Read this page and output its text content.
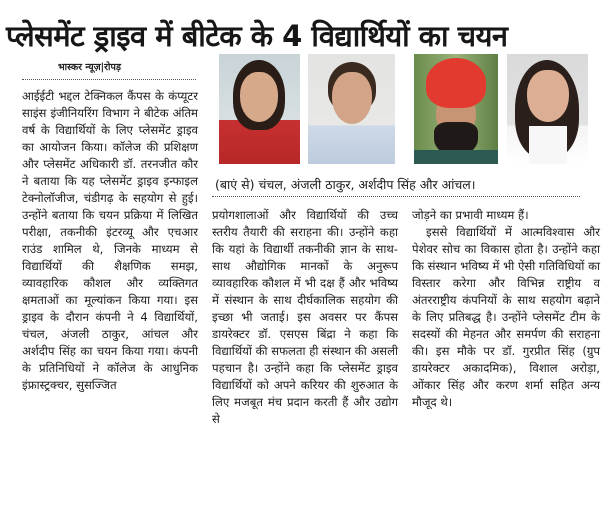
प्लेसमेंट ड्राइव में बीटेक के 4 विद्यार्थियों का चयन
भास्कर न्यूज़|रोपड़

आईईटी भद्दल टेक्निकल कैंपस के कंप्यूटर साइंस इंजीनियरिंग विभाग ने बीटेक अंतिम वर्ष के विद्यार्थियों के लिए प्लेसमेंट ड्राइव का आयोजन किया। कॉलेज की प्रशिक्षण और प्लेसमेंट अधिकारी डॉ. तरनजीत कौर ने बताया कि यह प्लेसमेंट ड्राइव इन्फाइल टेक्नोलॉजीज, चंडीगढ़ के सहयोग से हुई। उन्होंने बताया कि चयन प्रक्रिया में लिखित परीक्षा, तकनीकी इंटरव्यू और एचआर राउंड शामिल थे, जिनके माध्यम से विद्यार्थियों की शैक्षणिक समझ, व्यावहारिक कौशल और व्यक्तिगत क्षमताओं का मूल्यांकन किया गया। इस ड्राइव के दौरान कंपनी ने 4 विद्यार्थियों, चंचल, अंजली ठाकुर, आंचल और अर्शदीप सिंह का चयन किया गया। कंपनी के प्रतिनिधियों ने कॉलेज के आधुनिक इंफ्रास्ट्रक्चर, सुसज्जित

(बाएं से) चंचल, अंजली ठाकुर, अर्शदीप सिंह और आंचल।

प्रयोगशालाओं और विद्यार्थियों की उच्च स्तरीय तैयारी की सराहना की। उन्होंने कहा कि यहां के विद्यार्थी तकनीकी ज्ञान के साथ-साथ औद्योगिक मानकों के अनुरूप व्यावहारिक कौशल में भी दक्ष हैं और भविष्य में संस्थान के साथ दीर्घकालिक सहयोग की इच्छा भी जताई। इस अवसर पर कैंपस डायरेक्टर डॉ. एसएस बिंद्रा ने कहा कि विद्यार्थियों की सफलता ही संस्थान की असली पहचान है। उन्होंने कहा कि प्लेसमेंट ड्राइव विद्यार्थियों को अपने करियर की शुरुआत के लिए मजबूत मंच प्रदान करती हैं और उद्योग से

जोड़ने का प्रभावी माध्यम हैं।

इससे विद्यार्थियों में आत्मविश्वास और पेशेवर सोच का विकास होता है। उन्होंने कहा कि संस्थान भविष्य में भी ऐसी गतिविधियों का विस्तार करेगा और विभिन्न राष्ट्रीय व अंतरराष्ट्रीय कंपनियों के साथ सहयोग बढ़ाने के लिए प्रतिबद्ध है। उन्होंने प्लेसमेंट टीम के सदस्यों की मेहनत और समर्पण की सराहना की। इस मौके पर डॉ. गुरप्रीत सिंह (ग्रुप डायरेक्टर अकादमिक), विशाल अरोड़ा, ओंकार सिंह और करण शर्मा सहित अन्य मौजूद थे।
